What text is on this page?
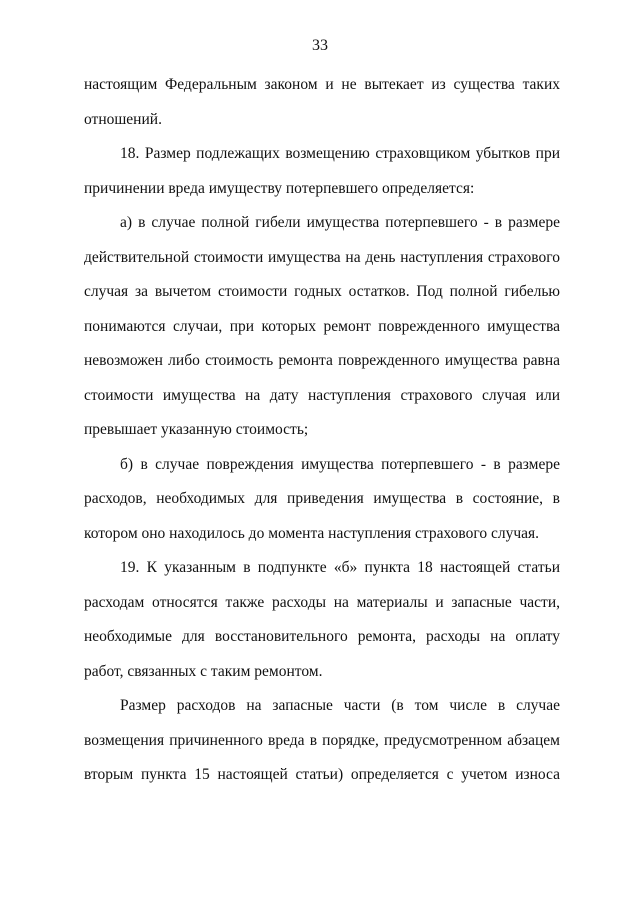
33

настоящим Федеральным законом и не вытекает из существа таких отношений.

18. Размер подлежащих возмещению страховщиком убытков при причинении вреда имуществу потерпевшего определяется:

а) в случае полной гибели имущества потерпевшего - в размере действительной стоимости имущества на день наступления страхового случая за вычетом стоимости годных остатков. Под полной гибелью понимаются случаи, при которых ремонт поврежденного имущества невозможен либо стоимость ремонта поврежденного имущества равна стоимости имущества на дату наступления страхового случая или превышает указанную стоимость;

б) в случае повреждения имущества потерпевшего - в размере расходов, необходимых для приведения имущества в состояние, в котором оно находилось до момента наступления страхового случая.

19. К указанным в подпункте «б» пункта 18 настоящей статьи расходам относятся также расходы на материалы и запасные части, необходимые для восстановительного ремонта, расходы на оплату работ, связанных с таким ремонтом.

Размер расходов на запасные части (в том числе в случае возмещения причиненного вреда в порядке, предусмотренном абзацем вторым пункта 15 настоящей статьи) определяется с учетом износа
